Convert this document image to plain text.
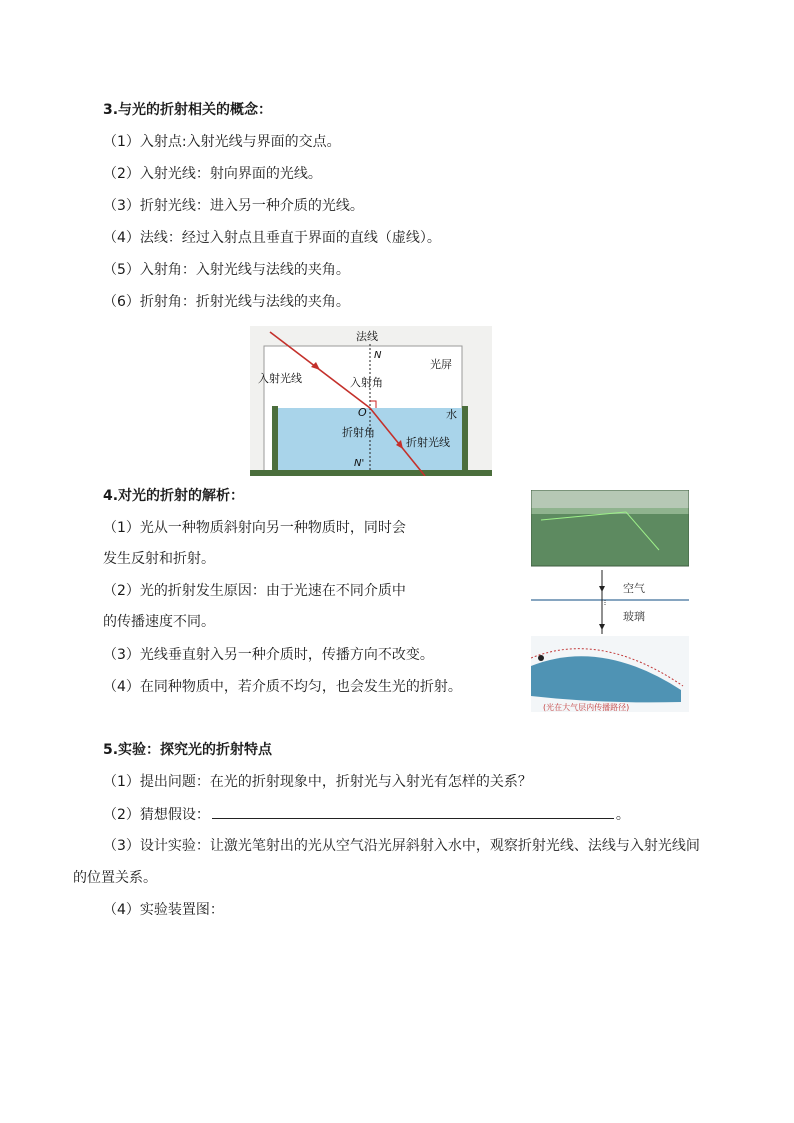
3.与光的折射相关的概念：
（1）入射点:入射光线与界面的交点。
（2）入射光线：射向界面的光线。
（3）折射光线：进入另一种介质的光线。
（4）法线：经过入射点且垂直于界面的直线（虚线）。
（5）入射角：入射光线与法线的夹角。
（6）折射角：折射光线与法线的夹角。
法线
N
光屏
入射光线	入射角
O	水
折射角
折射光线
N'
4.对光的折射的解析：
（1）光从一种物质斜射向另一种物质时，同时会
发生反射和折射。
（2）光的折射发生原因：由于光速在不同介质中
的传播速度不同。
（3）光线垂直射入另一种介质时，传播方向不改变。
（4）在同种物质中，若介质不均匀，也会发生光的折射。
空气
玻璃
(光在大气层内传播路径)
5.实验：探究光的折射特点
（1）提出问题：在光的折射现象中，折射光与入射光有怎样的关系？
（2）猜想假设：	。
（3）设计实验：让激光笔射出的光从空气沿光屏斜射入水中，观察折射光线、法线与入射光线间
的位置关系。
（4）实验装置图：
